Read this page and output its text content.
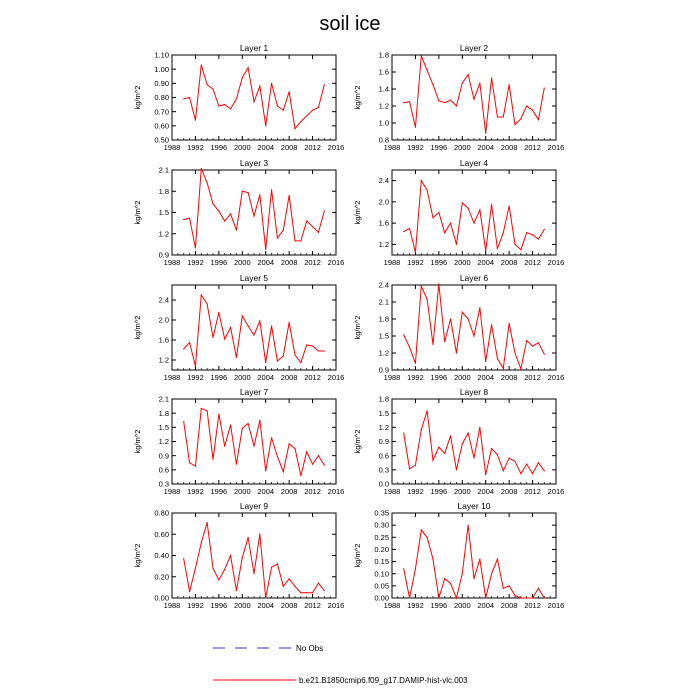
soil ice
Layer 1
kg/m^2
1988 1992 1996 2000 2004 2008 2012 2016
0.50
0.60
0.70
0.80
0.90
1.00
1.10
Layer 2
kg/m^2
1988 1992 1996 2000 2004 2008 2012 2016
0.8
1.0
1.2
1.4
1.6
1.8
Layer 3
kg/m^2
1988 1992 1996 2000 2004 2008 2012 2016
0.9
1.2
1.5
1.8
2.1
Layer 4
kg/m^2
1988 1992 1996 2000 2004 2008 2012 2016
1.2
1.6
2.0
2.4
Layer 5
kg/m^2
1988 1992 1996 2000 2004 2008 2012 2016
1.2
1.6
2.0
2.4
Layer 6
kg/m^2
1988 1992 1996 2000 2004 2008 2012 2016
0.9
1.2
1.5
1.8
2.1
2.4
Layer 7
kg/m^2
1988 1992 1996 2000 2004 2008 2012 2016
0.3
0.6
0.9
1.2
1.5
1.8
2.1
Layer 8
kg/m^2
1988 1992 1996 2000 2004 2008 2012 2016
0.0
0.3
0.6
0.9
1.2
1.5
1.8
Layer 9
kg/m^2
1988 1992 1996 2000 2004 2008 2012 2016
0.00
0.20
0.40
0.60
0.80
Layer 10
kg/m^2
1988 1992 1996 2000 2004 2008 2012 2016
0.00
0.05
0.10
0.15
0.20
0.25
0.30
0.35
No Obs
b.e21.B1850cmip6.f09_g17.DAMIP-hist-vlc.003
